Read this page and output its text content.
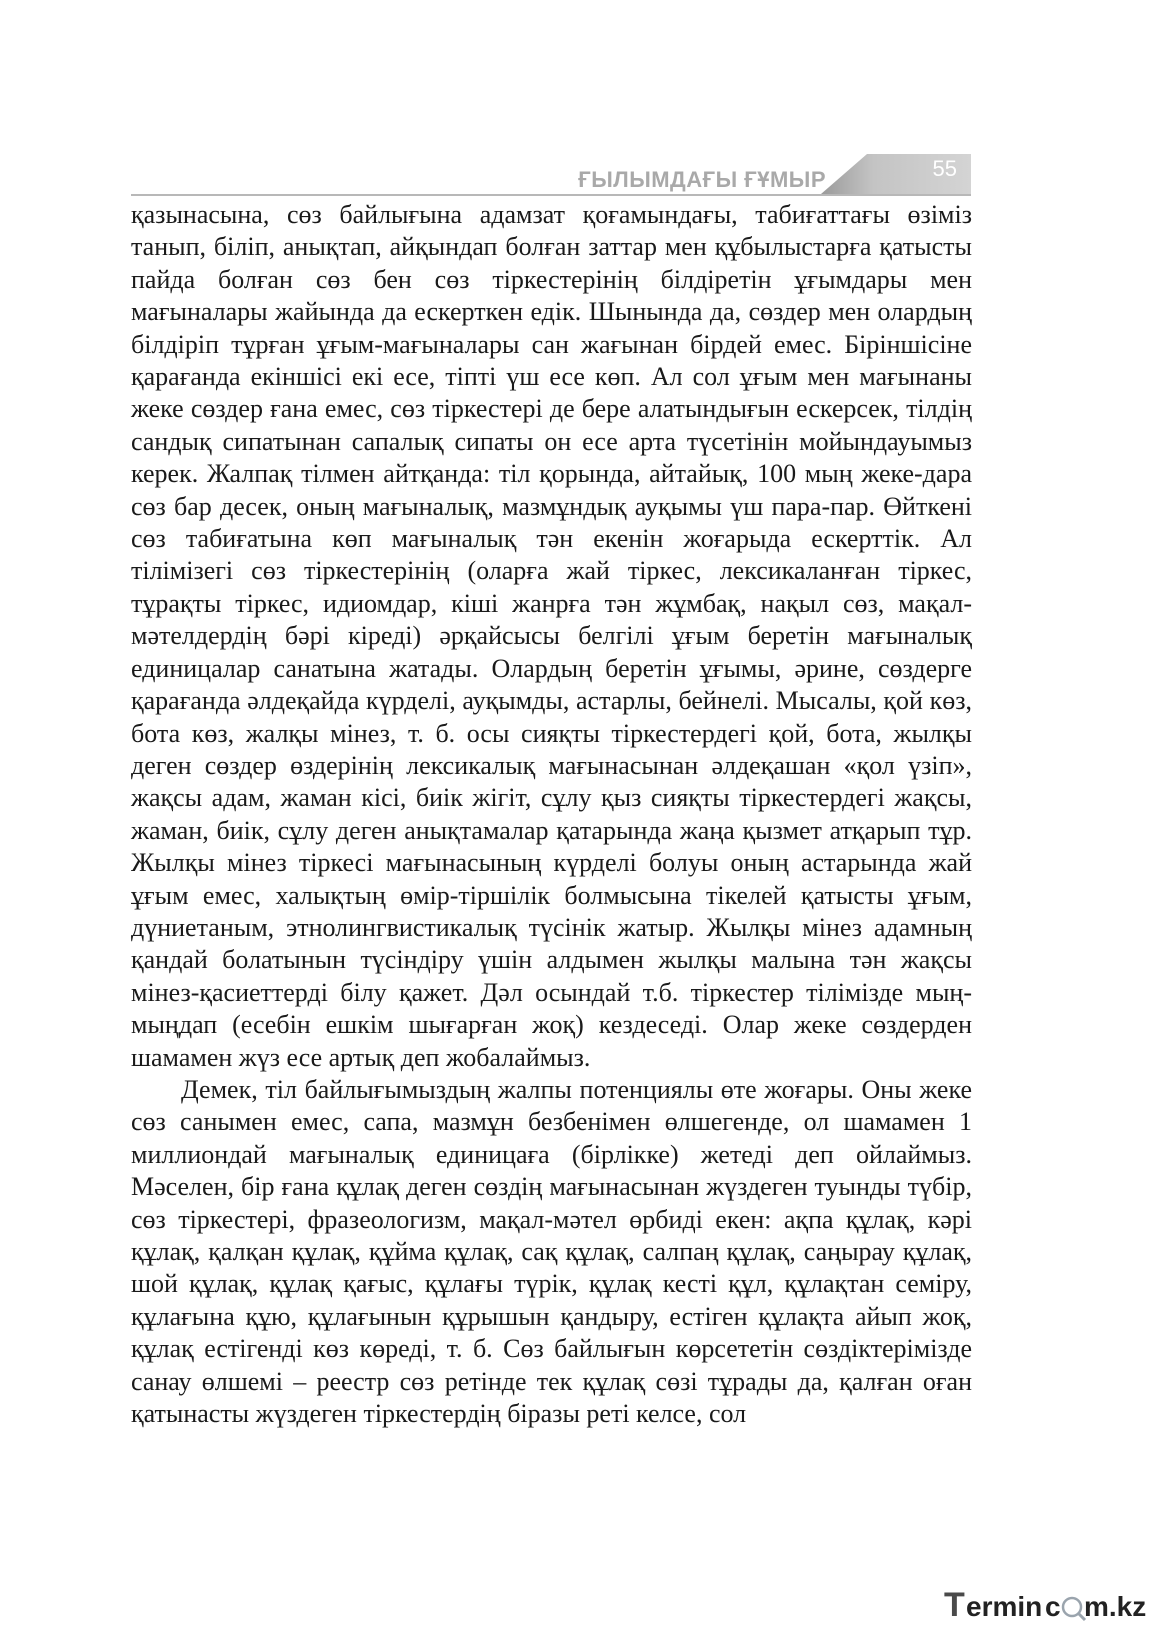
ҒЫЛЫМДАҒЫ ҒҰМЫР	55

қазынасына, сөз байлығына адамзат қоғамындағы, табиғаттағы өзіміз танып, біліп, анықтап, айқындап болған заттар мен құбылыстарға қатысты пайда болған сөз бен сөз тіркестерінің білдіретін ұғымдары мен мағыналары жайында да ескерткен едік. Шынында да, сөздер мен олардың білдіріп тұрған ұғым-мағыналары сан жағынан бірдей емес. Біріншісіне қарағанда екіншісі екі есе, тіпті үш есе көп. Ал сол ұғым мен мағынаны жеке сөздер ғана емес, сөз тіркестері де бере алатындығын ескерсек, тілдің сандық сипатынан сапалық сипаты он есе арта түсетінін мойындауымыз керек. Жалпақ тілмен айтқанда: тіл қорында, айтайық, 100 мың жеке-дара сөз бар десек, оның мағыналық, мазмұндық ауқымы үш пара-пар. Өйткені сөз табиғатына көп мағыналық тән екенін жоғарыда ескерттік. Ал тілімізегі сөз тіркестерінің (оларға жай тіркес, лексикаланған тіркес, тұрақты тіркес, идиомдар, кіші жанрға тән жұмбақ, нақыл сөз, мақал-мәтелдердің бәрі кіреді) әрқайсысы белгілі ұғым беретін мағыналық единицалар санатына жатады. Олардың беретін ұғымы, әрине, сөздерге қарағанда әлдеқайда күрделі, ауқымды, астарлы, бейнелі. Мысалы, қой көз, бота көз, жалқы мінез, т. б. осы сияқты тіркестердегі қой, бота, жылқы деген сөздер өздерінің лексикалық мағынасынан әлдеқашан «қол үзіп», жақсы адам, жаман кісі, биік жігіт, сұлу қыз сияқты тіркестердегі жақсы, жаман, биік, сұлу деген анықтамалар қатарында жаңа қызмет атқарып тұр. Жылқы мінез тіркесі мағынасының күрделі болуы оның астарында жай ұғым емес, халықтың өмір-тіршілік болмысына тікелей қатысты ұғым, дүниетаным, этнолингвистикалық түсінік жатыр. Жылқы мінез адамның қандай болатынын түсіндіру үшін алдымен жылқы малына тән жақсы мінез-қасиеттерді білу қажет. Дәл осындай т.б. тіркестер тілімізде мың-мыңдап (есебін ешкім шығарған жоқ) кездеседі. Олар жеке сөздерден шамамен жүз есе артық деп жобалаймыз.

Демек, тіл байлығымыздың жалпы потенциялы өте жоғары. Оны жеке сөз санымен емес, сапа, мазмұн безбенімен өлшегенде, ол шамамен 1 миллиондай мағыналық единицаға (бірлікке) жетеді деп ойлаймыз. Мәселен, бір ғана құлақ деген сөздің мағынасынан жүздеген туынды түбір, сөз тіркестері, фразеологизм, мақал-мәтел өрбиді екен: ақпа құлақ, кәрі құлақ, қалқан құлақ, құйма құлақ, сақ құлақ, салпаң құлақ, саңырау құлақ, шой құлақ, құлақ қағыс, құлағы түрік, құлақ кесті құл, құлақтан семіру, құлағына құю, құлағынын құрышын қандыру, естіген құлақта айып жоқ, құлақ естігенді көз көреді, т. б. Сөз байлығын көрсететін сөздіктерімізде санау өлшемі – реестр сөз ретінде тек құлақ сөзі тұрады да, қалған оған қатынасты жүздеген тіркестердің біразы реті келсе, сол

T ermin c m.kz
